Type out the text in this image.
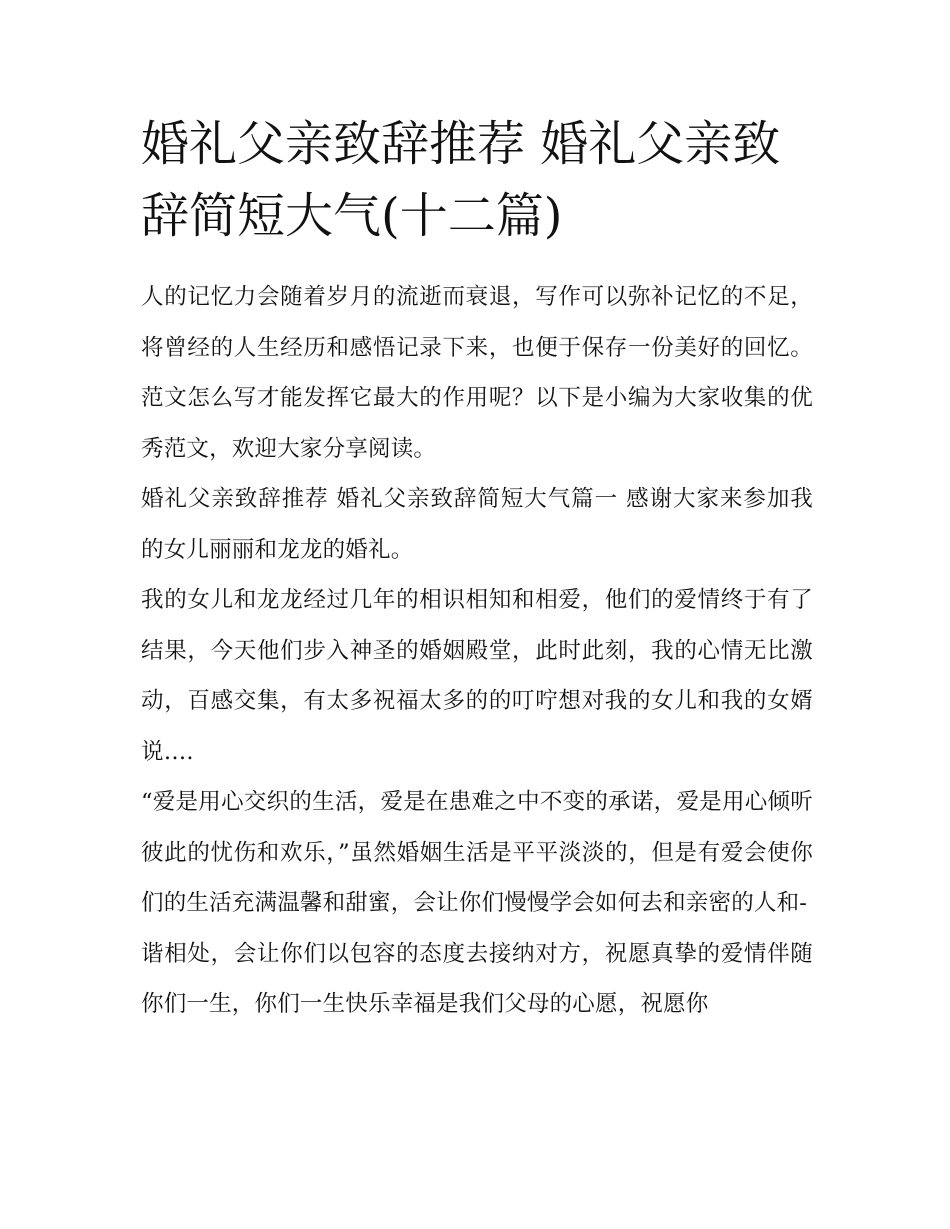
婚礼父亲致辞推荐 婚礼父亲致辞简短大气(十二篇)

人的记忆力会随着岁月的流逝而衰退，写作可以弥补记忆的不足，将曾经的人生经历和感悟记录下来，也便于保存一份美好的回忆。范文怎么写才能发挥它最大的作用呢？以下是小编为大家收集的优秀范文，欢迎大家分享阅读。

婚礼父亲致辞推荐 婚礼父亲致辞简短大气篇一 感谢大家来参加我的女儿丽丽和龙龙的婚礼。

我的女儿和龙龙经过几年的相识相知和相爱，他们的爱情终于有了结果，今天他们步入神圣的婚姻殿堂，此时此刻，我的心情无比激动，百感交集，有太多祝福太多的的叮咛想对我的女儿和我的女婿说….

“爱是用心交织的生活，爱是在患难之中不变的承诺，爱是用心倾听彼此的忧伤和欢乐，”虽然婚姻生活是平平淡淡的，但是有爱会使你们的生活充满温馨和甜蜜，会让你们慢慢学会如何去和亲密的人和-

谐相处，会让你们以包容的态度去接纳对方，祝愿真挚的爱情伴随你们一生，你们一生快乐幸福是我们父母的心愿，祝愿你
